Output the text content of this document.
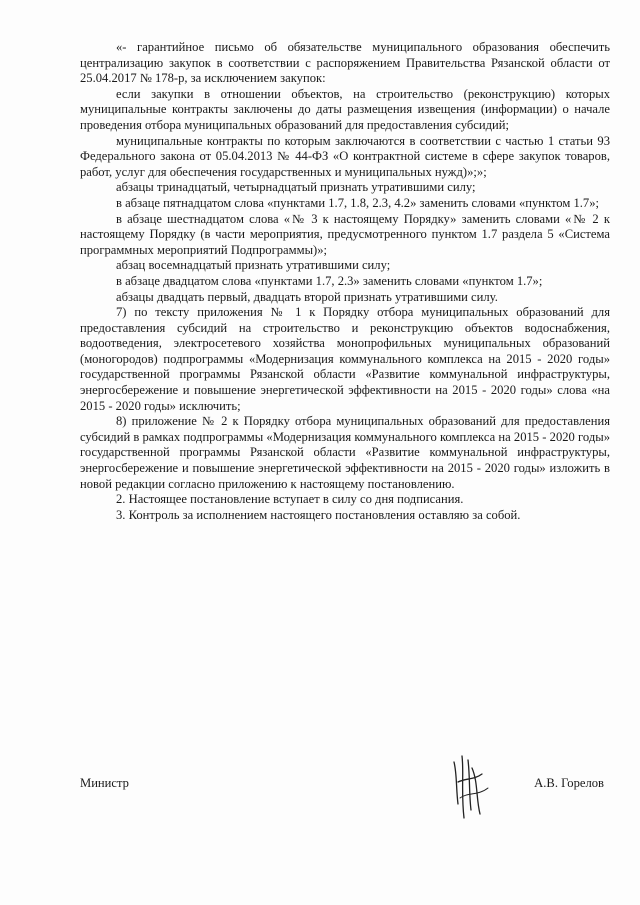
«- гарантийное письмо об обязательстве муниципального образования обеспечить централизацию закупок в соответствии с распоряжением Правительства Рязанской области от 25.04.2017 № 178-р, за исключением закупок:

если закупки в отношении объектов, на строительство (реконструкцию) которых муниципальные контракты заключены до даты размещения извещения (информации) о начале проведения отбора муниципальных образований для предоставления субсидий;

муниципальные контракты по которым заключаются в соответствии с частью 1 статьи 93 Федерального закона от 05.04.2013 № 44-ФЗ «О контрактной системе в сфере закупок товаров, работ, услуг для обеспечения государственных и муниципальных нужд)»;»;

абзацы тринадцатый, четырнадцатый признать утратившими силу;

в абзаце пятнадцатом слова «пунктами 1.7, 1.8, 2.3, 4.2» заменить словами «пунктом 1.7»;

в абзаце шестнадцатом слова «№ 3 к настоящему Порядку» заменить словами «№ 2 к настоящему Порядку (в части мероприятия, предусмотренного пунктом 1.7 раздела 5 «Система программных мероприятий Подпрограммы)»;

абзац восемнадцатый признать утратившими силу;

в абзаце двадцатом слова «пунктами 1.7, 2.3» заменить словами «пунктом 1.7»;

абзацы двадцать первый, двадцать второй признать утратившими силу.

7) по тексту приложения № 1 к Порядку отбора муниципальных образований для предоставления субсидий на строительство и реконструкцию объектов водоснабжения, водоотведения, электросетевого хозяйства монопрофильных муниципальных образований (моногородов) подпрограммы «Модернизация коммунального комплекса на 2015 - 2020 годы» государственной программы Рязанской области «Развитие коммунальной инфраструктуры, энергосбережение и повышение энергетической эффективности на 2015 - 2020 годы» слова «на 2015 - 2020 годы» исключить;

8) приложение № 2 к Порядку отбора муниципальных образований для предоставления субсидий в рамках подпрограммы «Модернизация коммунального комплекса на 2015 - 2020 годы» государственной программы Рязанской области «Развитие коммунальной инфраструктуры, энергосбережение и повышение энергетической эффективности на 2015 - 2020 годы» изложить в новой редакции согласно приложению к настоящему постановлению.

2. Настоящее постановление вступает в силу со дня подписания.

3. Контроль за исполнением настоящего постановления оставляю за собой.

Министр	А.В. Горелов
